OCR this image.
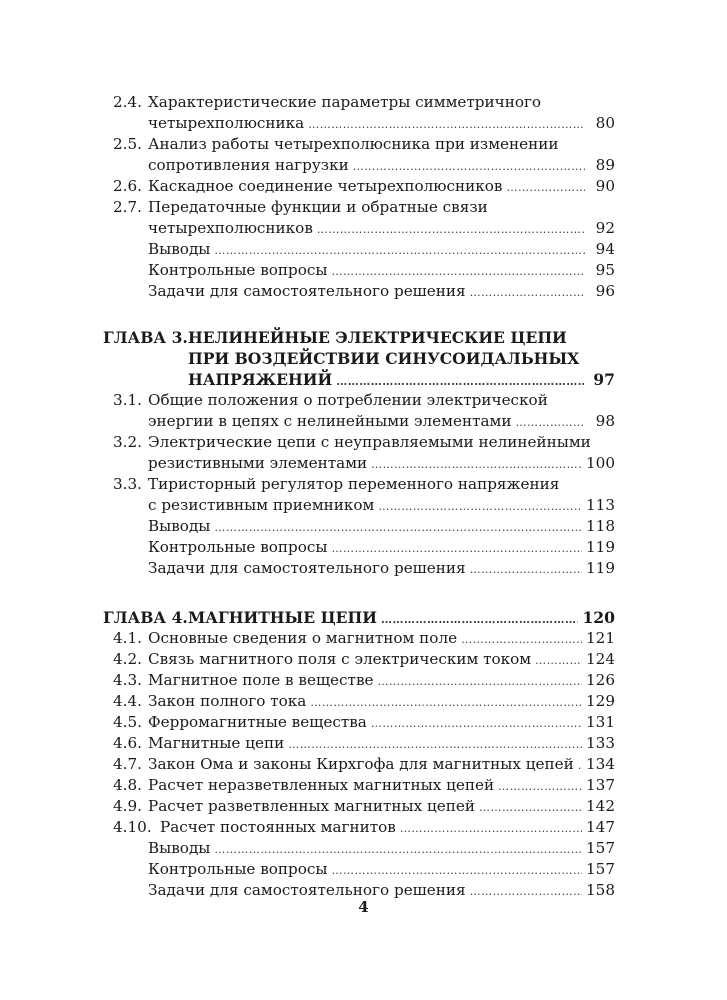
2.4. Характеристические параметры симметричного
четырехполюсника ……………………………………………………………………………………………………………………………………………………………	80
2.5. Анализ работы четырехполюсника при изменении
сопротивления нагрузки ……………………………………………………………………………………………………………………………………………………………	89
2.6. Каскадное соединение четырехполюсников ……………………………………………………………………………………………………………………………………………………………	90
2.7. Передаточные функции и обратные связи
четырехполюсников ……………………………………………………………………………………………………………………………………………………………	92
Выводы ……………………………………………………………………………………………………………………………………………………………	94
Контрольные вопросы ……………………………………………………………………………………………………………………………………………………………	95
Задачи для самостоятельного решения ……………………………………………………………………………………………………………………………………………………………	96
ГЛАВА 3. НЕЛИНЕЙНЫЕ ЭЛЕКТРИЧЕСКИЕ ЦЕПИ
ПРИ ВОЗДЕЙСТВИИ СИНУСОИДАЛЬНЫХ
НАПРЯЖЕНИЙ ……………………………………………………………………………………………………………………………………………………………	97
3.1. Общие положения о потреблении электрической
энергии в цепях с нелинейными элементами ……………………………………………………………………………………………………………………………………………………………	98
3.2. Электрические цепи с неуправляемыми нелинейными
резистивными элементами ……………………………………………………………………………………………………………………………………………………………	100
3.3. Тиристорный регулятор переменного напряжения
с резистивным приемником ……………………………………………………………………………………………………………………………………………………………	113
Выводы ……………………………………………………………………………………………………………………………………………………………	118
Контрольные вопросы ……………………………………………………………………………………………………………………………………………………………	119
Задачи для самостоятельного решения ……………………………………………………………………………………………………………………………………………………………	119
ГЛАВА 4. МАГНИТНЫЕ ЦЕПИ ……………………………………………………………………………………………………………………………………………………………	120
4.1. Основные сведения о магнитном поле ……………………………………………………………………………………………………………………………………………………………	121
4.2. Связь магнитного поля с электрическим током ……………………………………………………………………………………………………………………………………………………………	124
4.3. Магнитное поле в веществе ……………………………………………………………………………………………………………………………………………………………	126
4.4. Закон полного тока ……………………………………………………………………………………………………………………………………………………………	129
4.5. Ферромагнитные вещества ……………………………………………………………………………………………………………………………………………………………	131
4.6. Магнитные цепи ……………………………………………………………………………………………………………………………………………………………	133
4.7. Закон Ома и законы Кирхгофа для магнитных цепей …………………………………………………………………………………………………………………………………………………………… 134
4.8. Расчет неразветвленных магнитных цепей ……………………………………………………………………………………………………………………………………………………………	137
4.9. Расчет разветвленных магнитных цепей ……………………………………………………………………………………………………………………………………………………………	142
4.10. Расчет постоянных магнитов ……………………………………………………………………………………………………………………………………………………………	147
Выводы ……………………………………………………………………………………………………………………………………………………………	157
Контрольные вопросы ……………………………………………………………………………………………………………………………………………………………	157
Задачи для самостоятельного решения ……………………………………………………………………………………………………………………………………………………………	158
4
